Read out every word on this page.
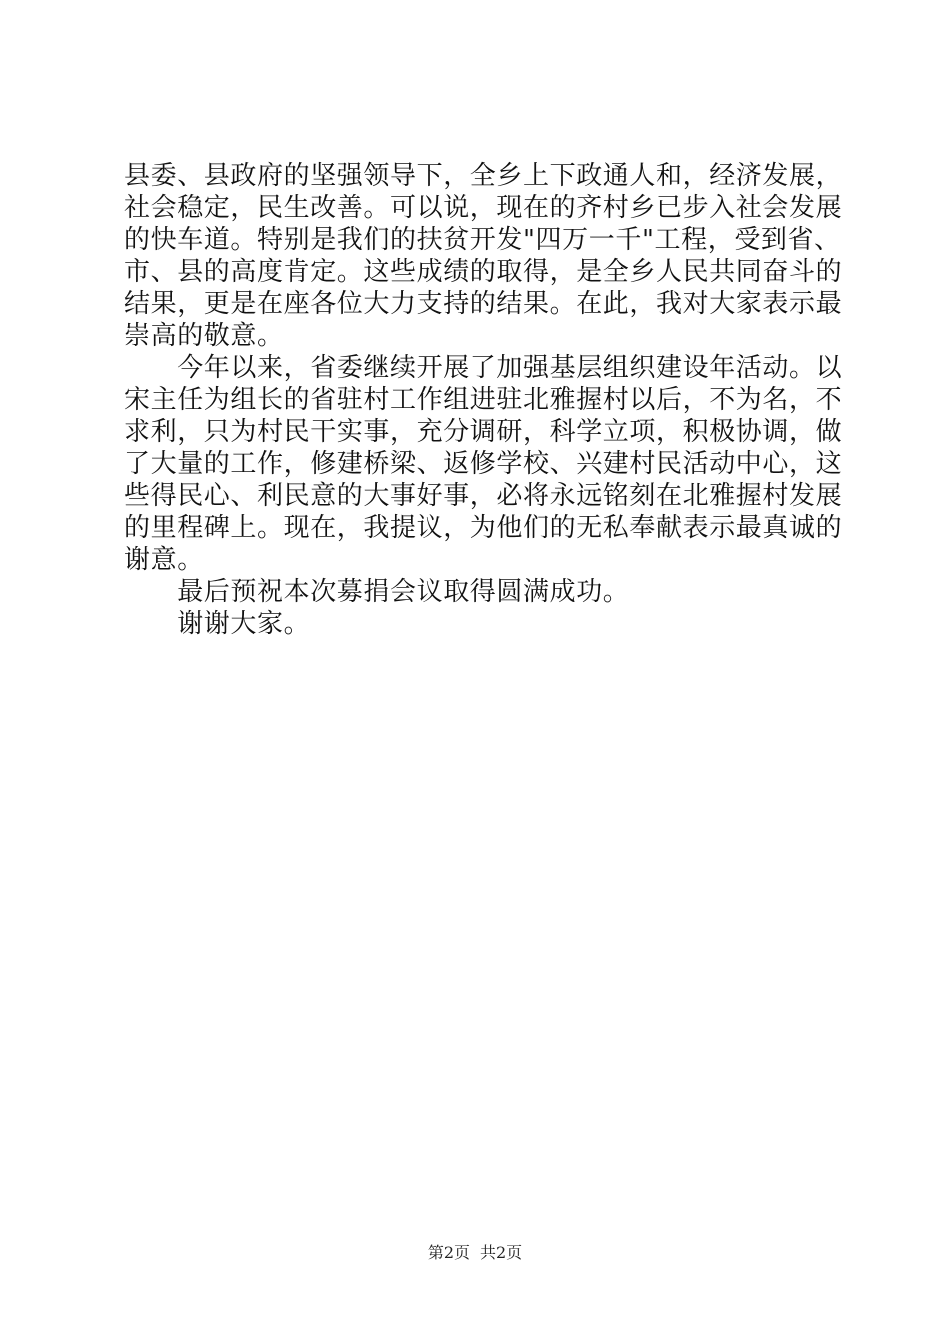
县委、县政府的坚强领导下，全乡上下政通人和，经济发展，
社会稳定，民生改善。可以说，现在的齐村乡已步入社会发展
的快车道。特别是我们的扶贫开发"四万一千"工程，受到省、
市、县的高度肯定。这些成绩的取得，是全乡人民共同奋斗的
结果，更是在座各位大力支持的结果。在此，我对大家表示最
崇高的敬意。
　　今年以来，省委继续开展了加强基层组织建设年活动。以
宋主任为组长的省驻村工作组进驻北雅握村以后，不为名，不
求利，只为村民干实事，充分调研，科学立项，积极协调，做
了大量的工作，修建桥梁、返修学校、兴建村民活动中心，这
些得民心、利民意的大事好事，必将永远铭刻在北雅握村发展
的里程碑上。现在，我提议，为他们的无私奉献表示最真诚的
谢意。
　　最后预祝本次募捐会议取得圆满成功。
　　谢谢大家。
第2页 共2页
